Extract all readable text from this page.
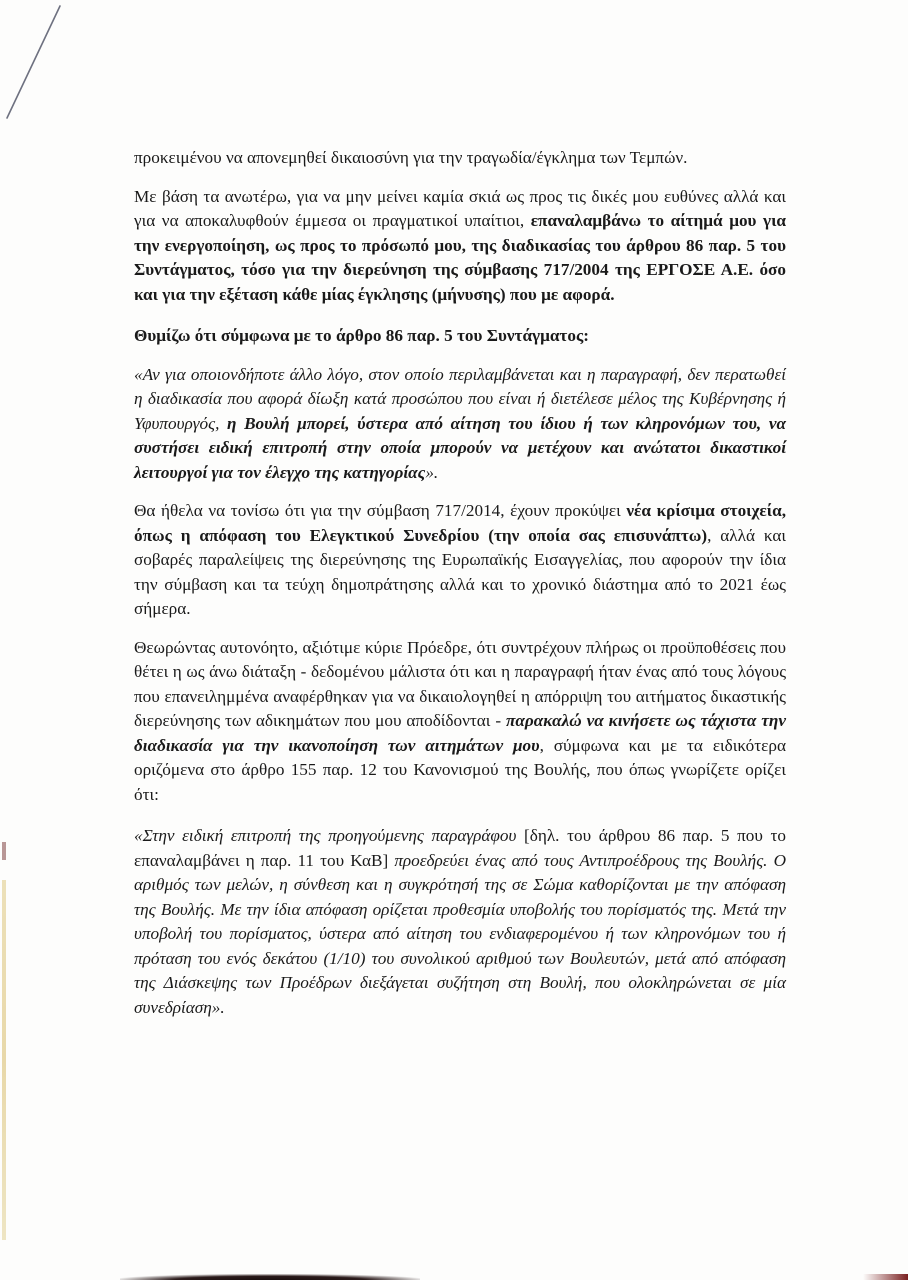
προκειμένου να απονεμηθεί δικαιοσύνη για την τραγωδία/έγκλημα των Τεμπών.

Με βάση τα ανωτέρω, για να μην μείνει καμία σκιά ως προς τις δικές μου ευθύνες αλλά και για να αποκαλυφθούν έμμεσα οι πραγματικοί υπαίτιοι, επαναλαμβάνω το αίτημά μου για την ενεργοποίηση, ως προς το πρόσωπό μου, της διαδικασίας του άρθρου 86 παρ. 5 του Συντάγματος, τόσο για την διερεύνηση της σύμβασης 717/2004 της ΕΡΓΟΣΕ Α.Ε. όσο και για την εξέταση κάθε μίας έγκλησης (μήνυσης) που με αφορά.

Θυμίζω ότι σύμφωνα με το άρθρο 86 παρ. 5 του Συντάγματος:

«Αν για οποιονδήποτε άλλο λόγο, στον οποίο περιλαμβάνεται και η παραγραφή, δεν περατωθεί η διαδικασία που αφορά δίωξη κατά προσώπου που είναι ή διετέλεσε μέλος της Κυβέρνησης ή Υφυπουργός, η Βουλή μπορεί, ύστερα από αίτηση του ίδιου ή των κληρονόμων του, να συστήσει ειδική επιτροπή στην οποία μπορούν να μετέχουν και ανώτατοι δικαστικοί λειτουργοί για τον έλεγχο της κατηγορίας».

Θα ήθελα να τονίσω ότι για την σύμβαση 717/2014, έχουν προκύψει νέα κρίσιμα στοιχεία, όπως η απόφαση του Ελεγκτικού Συνεδρίου (την οποία σας επισυνάπτω), αλλά και σοβαρές παραλείψεις της διερεύνησης της Ευρωπαϊκής Εισαγγελίας, που αφορούν την ίδια την σύμβαση και τα τεύχη δημοπράτησης αλλά και το χρονικό διάστημα από το 2021 έως σήμερα.

Θεωρώντας αυτονόητο, αξιότιμε κύριε Πρόεδρε, ότι συντρέχουν πλήρως οι προϋποθέσεις που θέτει η ως άνω διάταξη - δεδομένου μάλιστα ότι και η παραγραφή ήταν ένας από τους λόγους που επανειλημμένα αναφέρθηκαν για να δικαιολογηθεί η απόρριψη του αιτήματος δικαστικής διερεύνησης των αδικημάτων που μου αποδίδονται - παρακαλώ να κινήσετε ως τάχιστα την διαδικασία για την ικανοποίηση των αιτημάτων μου, σύμφωνα και με τα ειδικότερα οριζόμενα στο άρθρο 155 παρ. 12 του Κανονισμού της Βουλής, που όπως γνωρίζετε ορίζει ότι:

«Στην ειδική επιτροπή της προηγούμενης παραγράφου [δηλ. του άρθρου 86 παρ. 5 που το επαναλαμβάνει η παρ. 11 του ΚαΒ] προεδρεύει ένας από τους Αντιπροέδρους της Βουλής. Ο αριθμός των μελών, η σύνθεση και η συγκρότησή της σε Σώμα καθορίζονται με την απόφαση της Βουλής. Με την ίδια απόφαση ορίζεται προθεσμία υποβολής του πορίσματός της. Μετά την υποβολή του πορίσματος, ύστερα από αίτηση του ενδιαφερομένου ή των κληρονόμων του ή πρόταση του ενός δεκάτου (1/10) του συνολικού αριθμού των Βουλευτών, μετά από απόφαση της Διάσκεψης των Προέδρων διεξάγεται συζήτηση στη Βουλή, που ολοκληρώνεται σε μία συνεδρίαση».
